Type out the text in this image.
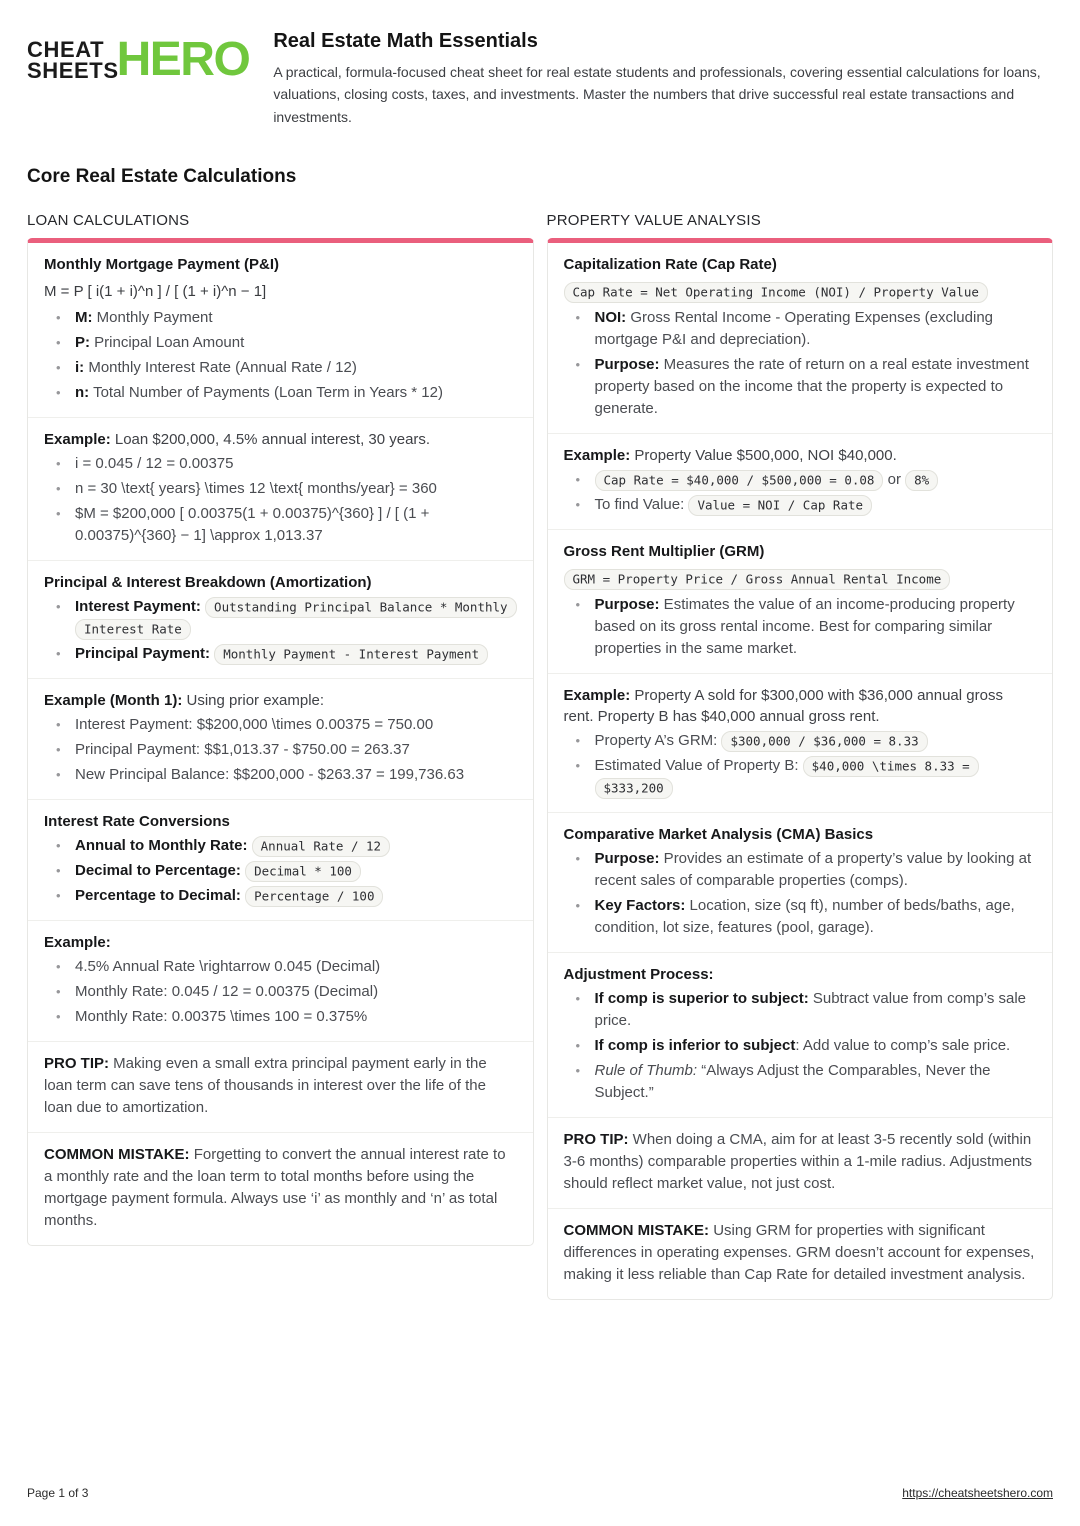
CHEAT
SHEETS
HERO Real Estate Math Essentials
A practical, formula-focused cheat sheet for real estate students and professionals, covering essential calculations for loans, valuations, closing costs, taxes, and investments. Master the numbers that drive successful real estate transactions and investments.
Core Real Estate Calculations
LOAN CALCULATIONS
Monthly Mortgage Payment (P&I)
M = P [ i(1 + i)^n ] / [ (1 + i)^n − 1]
• M: Monthly Payment
• P: Principal Loan Amount
• i: Monthly Interest Rate (Annual Rate / 12)
• n: Total Number of Payments (Loan Term in Years * 12)
Example: Loan $200,000, 4.5% annual interest, 30 years.
• i = 0.045 / 12 = 0.00375
• n = 30 \text{ years} \times 12 \text{ months/year} = 360
• $M = $200,000 [ 0.00375(1 + 0.00375)^{360} ] / [ (1 + 0.00375)^{360} − 1] \approx 1,013.37
Principal & Interest Breakdown (Amortization)
• Interest Payment: Outstanding Principal Balance * Monthly Interest Rate
• Principal Payment: Monthly Payment - Interest Payment
Example (Month 1): Using prior example:
• Interest Payment: $$200,000 \times 0.00375 = 750.00
• Principal Payment: $$1,013.37 - $750.00 = 263.37
• New Principal Balance: $$200,000 - $263.37 = 199,736.63
Interest Rate Conversions
• Annual to Monthly Rate: Annual Rate / 12
• Decimal to Percentage: Decimal * 100
• Percentage to Decimal: Percentage / 100
Example:
• 4.5% Annual Rate \rightarrow 0.045 (Decimal)
• Monthly Rate: 0.045 / 12 = 0.00375 (Decimal)
• Monthly Rate: 0.00375 \times 100 = 0.375%
PRO TIP: Making even a small extra principal payment early in the loan term can save tens of thousands in interest over the life of the loan due to amortization.
COMMON MISTAKE: Forgetting to convert the annual interest rate to a monthly rate and the loan term to total months before using the mortgage payment formula. Always use ‘i’ as monthly and ‘n’ as total months.
PROPERTY VALUE ANALYSIS
Capitalization Rate (Cap Rate)
Cap Rate = Net Operating Income (NOI) / Property Value
• NOI: Gross Rental Income - Operating Expenses (excluding mortgage P&I and depreciation).
• Purpose: Measures the rate of return on a real estate investment property based on the income that the property is expected to generate.
Example: Property Value $500,000, NOI $40,000.
• Cap Rate = $40,000 / $500,000 = 0.08 or 8%
• To find Value: Value = NOI / Cap Rate
Gross Rent Multiplier (GRM)
GRM = Property Price / Gross Annual Rental Income
• Purpose: Estimates the value of an income-producing property based on its gross rental income. Best for comparing similar properties in the same market.
Example: Property A sold for $300,000 with $36,000 annual gross rent. Property B has $40,000 annual gross rent.
• Property A’s GRM: $300,000 / $36,000 = 8.33
• Estimated Value of Property B: $40,000 \times 8.33 = $333,200
Comparative Market Analysis (CMA) Basics
• Purpose: Provides an estimate of a property’s value by looking at recent sales of comparable properties (comps).
• Key Factors: Location, size (sq ft), number of beds/baths, age, condition, lot size, features (pool, garage).
Adjustment Process:
• If comp is superior to subject: Subtract value from comp’s sale price.
• If comp is inferior to subject: Add value to comp’s sale price.
• Rule of Thumb: “Always Adjust the Comparables, Never the Subject.”
PRO TIP: When doing a CMA, aim for at least 3-5 recently sold (within 3-6 months) comparable properties within a 1-mile radius. Adjustments should reflect market value, not just cost.
COMMON MISTAKE: Using GRM for properties with significant differences in operating expenses. GRM doesn’t account for expenses, making it less reliable than Cap Rate for detailed investment analysis.
Page 1 of 3	https://cheatsheetshero.com
